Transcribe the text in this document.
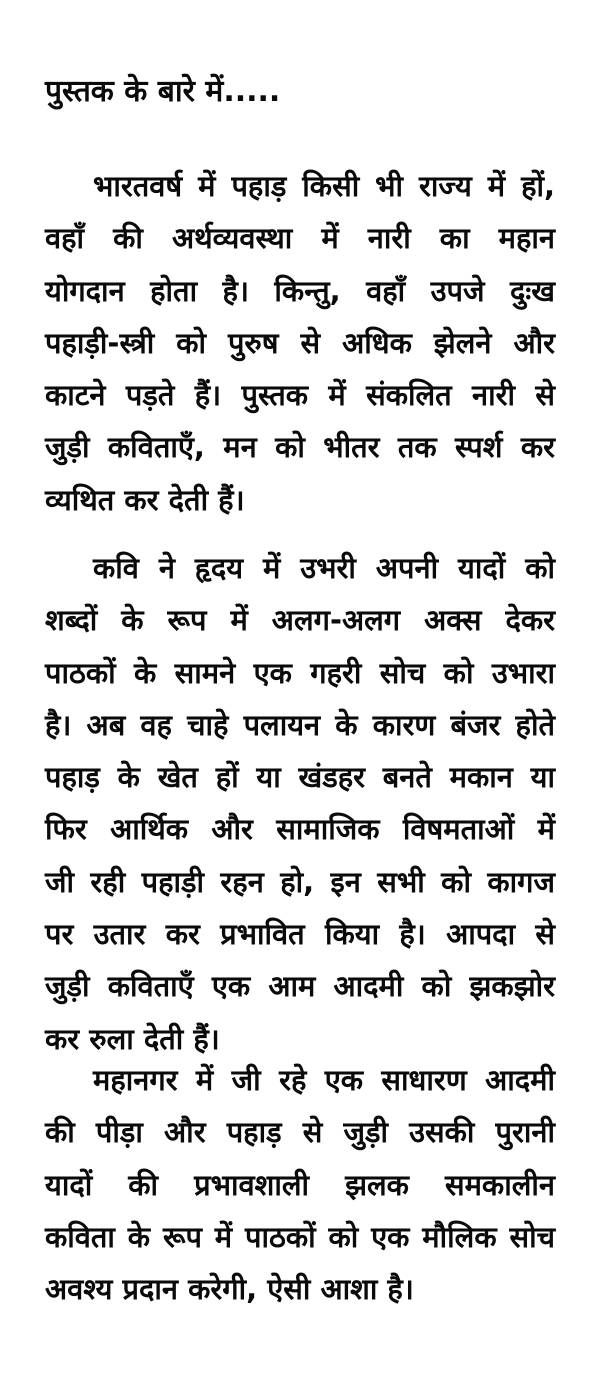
पुस्तक के बारे में.....
भारतवर्ष में पहाड़ किसी भी राज्य में हों,
वहाँ की अर्थव्यवस्था में नारी का महान
योगदान होता है। किन्तु, वहाँ उपजे दुःख
पहाड़ी-स्त्री को पुरुष से अधिक झेलने और
काटने पड़ते हैं। पुस्तक में संकलित नारी से
जुड़ी कविताएँ, मन को भीतर तक स्पर्श कर
व्यथित कर देती हैं।
कवि ने हृदय में उभरी अपनी यादों को
शब्दों के रूप में अलग-अलग अक्स देकर
पाठकों के सामने एक गहरी सोच को उभारा
है। अब वह चाहे पलायन के कारण बंजर होते
पहाड़ के खेत हों या खंडहर बनते मकान या
फिर आर्थिक और सामाजिक विषमताओं में
जी रही पहाड़ी रहन हो, इन सभी को कागज
पर उतार कर प्रभावित किया है। आपदा से
जुड़ी कविताएँ एक आम आदमी को झकझोर
कर रुला देती हैं।
महानगर में जी रहे एक साधारण आदमी
की पीड़ा और पहाड़ से जुड़ी उसकी पुरानी
यादों की प्रभावशाली झलक समकालीन
कविता के रूप में पाठकों को एक मौलिक सोच
अवश्य प्रदान करेगी, ऐसी आशा है।
